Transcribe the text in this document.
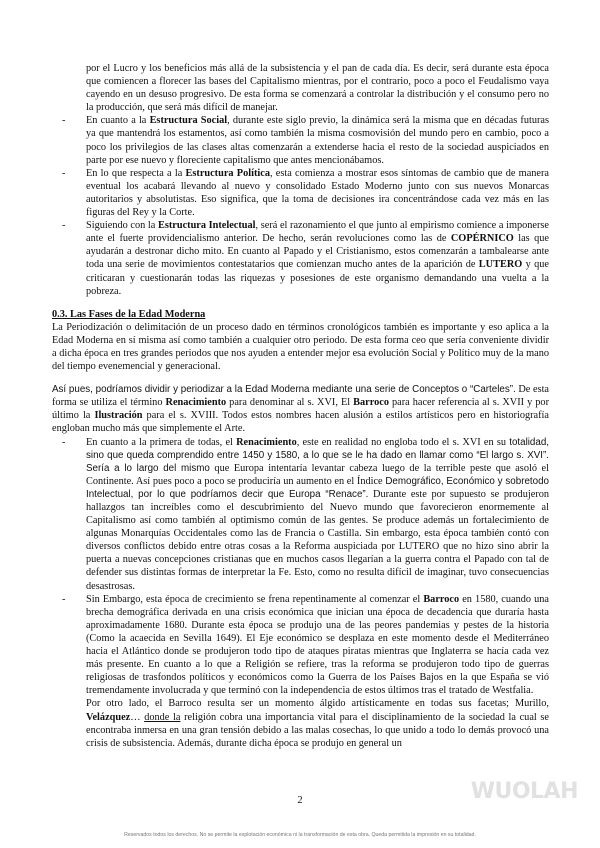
por el Lucro y los beneficios más allá de la subsistencia y el pan de cada día. Es decir, será durante esta época que comiencen a florecer las bases del Capitalismo mientras, por el contrario, poco a poco el Feudalismo vaya cayendo en un desuso progresivo. De esta forma se comenzará a controlar la distribución y el consumo pero no la producción, que será más difícil de manejar.

- En cuanto a la Estructura Social, durante este siglo previo, la dinámica será la misma que en décadas futuras ya que mantendrá los estamentos, así como también la misma cosmovisión del mundo pero en cambio, poco a poco los privilegios de las clases altas comenzarán a extenderse hacia el resto de la sociedad auspiciados en parte por ese nuevo y floreciente capitalismo que antes mencionábamos.
- En lo que respecta a la Estructura Política, esta comienza a mostrar esos síntomas de cambio que de manera eventual los acabará llevando al nuevo y consolidado Estado Moderno junto con sus nuevos Monarcas autoritarios y absolutistas. Eso significa, que la toma de decisiones ira concentrándose cada vez más en las figuras del Rey y la Corte.
- Siguiendo con la Estructura Intelectual, será el razonamiento el que junto al empirismo comience a imponerse ante el fuerte providencialismo anterior. De hecho, serán revoluciones como las de COPÉRNICO las que ayudarán a destronar dicho mito. En cuanto al Papado y el Cristianismo, estos comenzarán a tambalearse ante toda una serie de movimientos contestatarios que comienzan mucho antes de la aparición de LUTERO y que criticaran y cuestionarán todas las riquezas y posesiones de este organismo demandando una vuelta a la pobreza.

0.3. Las Fases de la Edad Moderna

La Periodización o delimitación de un proceso dado en términos cronológicos también es importante y eso aplica a la Edad Moderna en sí misma así como también a cualquier otro periodo. De esta forma ceo que sería conveniente dividir a dicha época en tres grandes periodos que nos ayuden a entender mejor esa evolución Social y Político muy de la mano del tiempo evenemencial y generacional.

Así pues, podríamos dividir y periodizar a la Edad Moderna mediante una serie de Conceptos o “Carteles”. De esta forma se utiliza el término Renacimiento para denominar al s. XVI, El Barroco para hacer referencia al s. XVII y por último la Ilustración para el s. XVIII. Todos estos nombres hacen alusión a estilos artísticos pero en historiografía engloban mucho más que simplemente el Arte.

- En cuanto a la primera de todas, el Renacimiento, este en realidad no engloba todo el s. XVI en su totalidad, sino que queda comprendido entre 1450 y 1580, a lo que se le ha dado en llamar como “El largo s. XVI”. Sería a lo largo del mismo que Europa intentaría levantar cabeza luego de la terrible peste que asoló el Continente. Así pues poco a poco se produciría un aumento en el Índice Demográfico, Económico y sobretodo Intelectual, por lo que podríamos decir que Europa “Renace”. Durante este por supuesto se produjeron hallazgos tan increíbles como el descubrimiento del Nuevo mundo que favorecieron enormemente al Capitalismo así como también al optimismo común de las gentes. Se produce además un fortalecimiento de algunas Monarquías Occidentales como las de Francia o Castilla. Sin embargo, esta época también contó con diversos conflictos debido entre otras cosas a la Reforma auspiciada por LUTERO que no hizo sino abrir la puerta a nuevas concepciones cristianas que en muchos casos llegarían a la guerra contra el Papado con tal de defender sus distintas formas de interpretar la Fe. Esto, como no resulta difícil de imaginar, tuvo consecuencias desastrosas.
- Sin Embargo, esta época de crecimiento se frena repentinamente al comenzar el Barroco en 1580, cuando una brecha demográfica derivada en una crisis económica que inician una época de decadencia que duraría hasta aproximadamente 1680. Durante esta época se produjo una de las peores pandemias y pestes de la historia (Como la acaecida en Sevilla 1649). El Eje económico se desplaza en este momento desde el Mediterráneo hacia el Atlántico donde se produjeron todo tipo de ataques piratas mientras que Inglaterra se hacía cada vez más presente. En cuanto a lo que a Religión se refiere, tras la reforma se produjeron todo tipo de guerras religiosas de trasfondos políticos y económicos como la Guerra de los Países Bajos en la que España se vió tremendamente involucrada y que terminó con la independencia de estos últimos tras el tratado de Westfalia.

Por otro lado, el Barroco resulta ser un momento álgido artísticamente en todas sus facetas; Murillo, Velázquez… donde la religión cobra una importancia vital para el disciplinamiento de la sociedad la cual se encontraba inmersa en una gran tensión debido a las malas cosechas, lo que unido a todo lo demás provocó una crisis de subsistencia. Además, durante dicha época se produjo en general un

2	WUOLAH
Reservados todos los derechos. No se permite la explotación económica ni la transformación de esta obra. Queda permitida la impresión en su totalidad.
